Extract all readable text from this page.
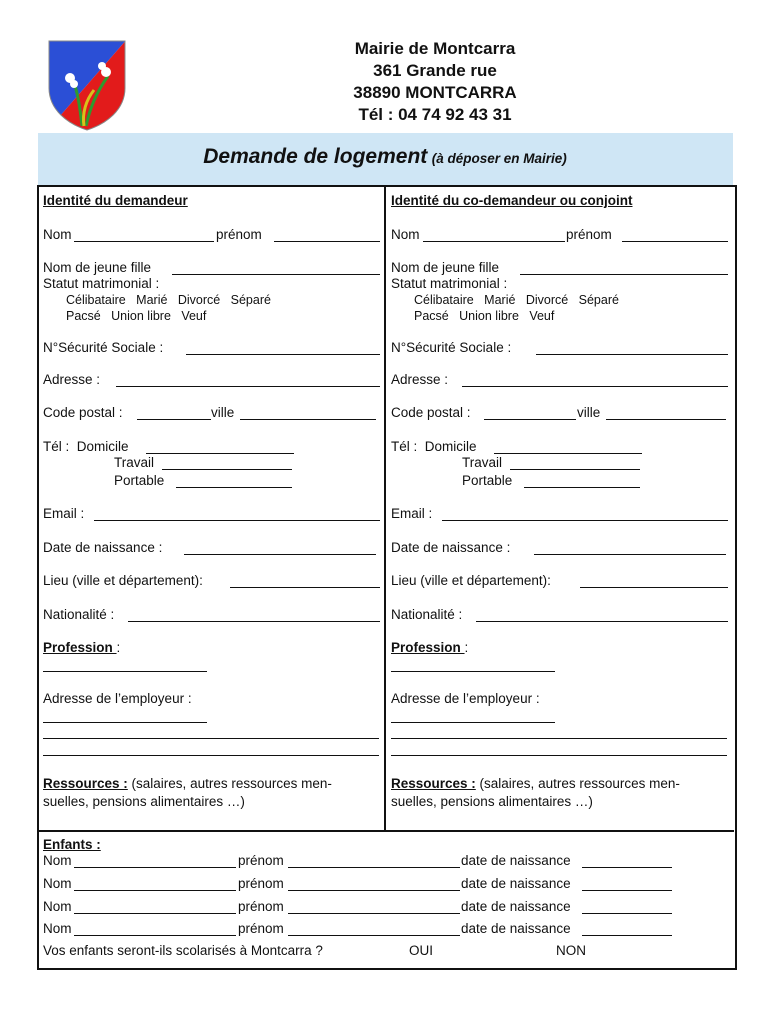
Mairie de Montcarra
361 Grande rue
38890 MONTCARRA
Tél : 04 74 92 43 31
Demande de logement (à déposer en Mairie)
Identité du demandeur
Nom	prénom
Nom de jeune fille
Statut matrimonial :
Célibataire   Marié   Divorcé   Séparé
Pacsé   Union libre   Veuf
N°Sécurité Sociale :
Adresse :
Code postal :	ville
Tél :  Domicile
Travail
Portable
Email :
Date de naissance :
Lieu (ville et département):
Nationalité :
Profession :
Adresse de l’employeur :
Ressources : (salaires, autres ressources men-
suelles, pensions alimentaires …)
Identité du co-demandeur ou conjoint
Nom	prénom
Nom de jeune fille
Statut matrimonial :
Célibataire   Marié   Divorcé   Séparé
Pacsé   Union libre   Veuf
N°Sécurité Sociale :
Adresse :
Code postal :	ville
Tél :  Domicile
Travail
Portable
Email :
Date de naissance :
Lieu (ville et département):
Nationalité :
Profession :
Adresse de l’employeur :
Ressources : (salaires, autres ressources men-
suelles, pensions alimentaires …)
Enfants :
Nom	prénom	date de naissance
Nom	prénom	date de naissance
Nom	prénom	date de naissance
Nom	prénom	date de naissance
Vos enfants seront-ils scolarisés à Montcarra ?	OUI	NON
